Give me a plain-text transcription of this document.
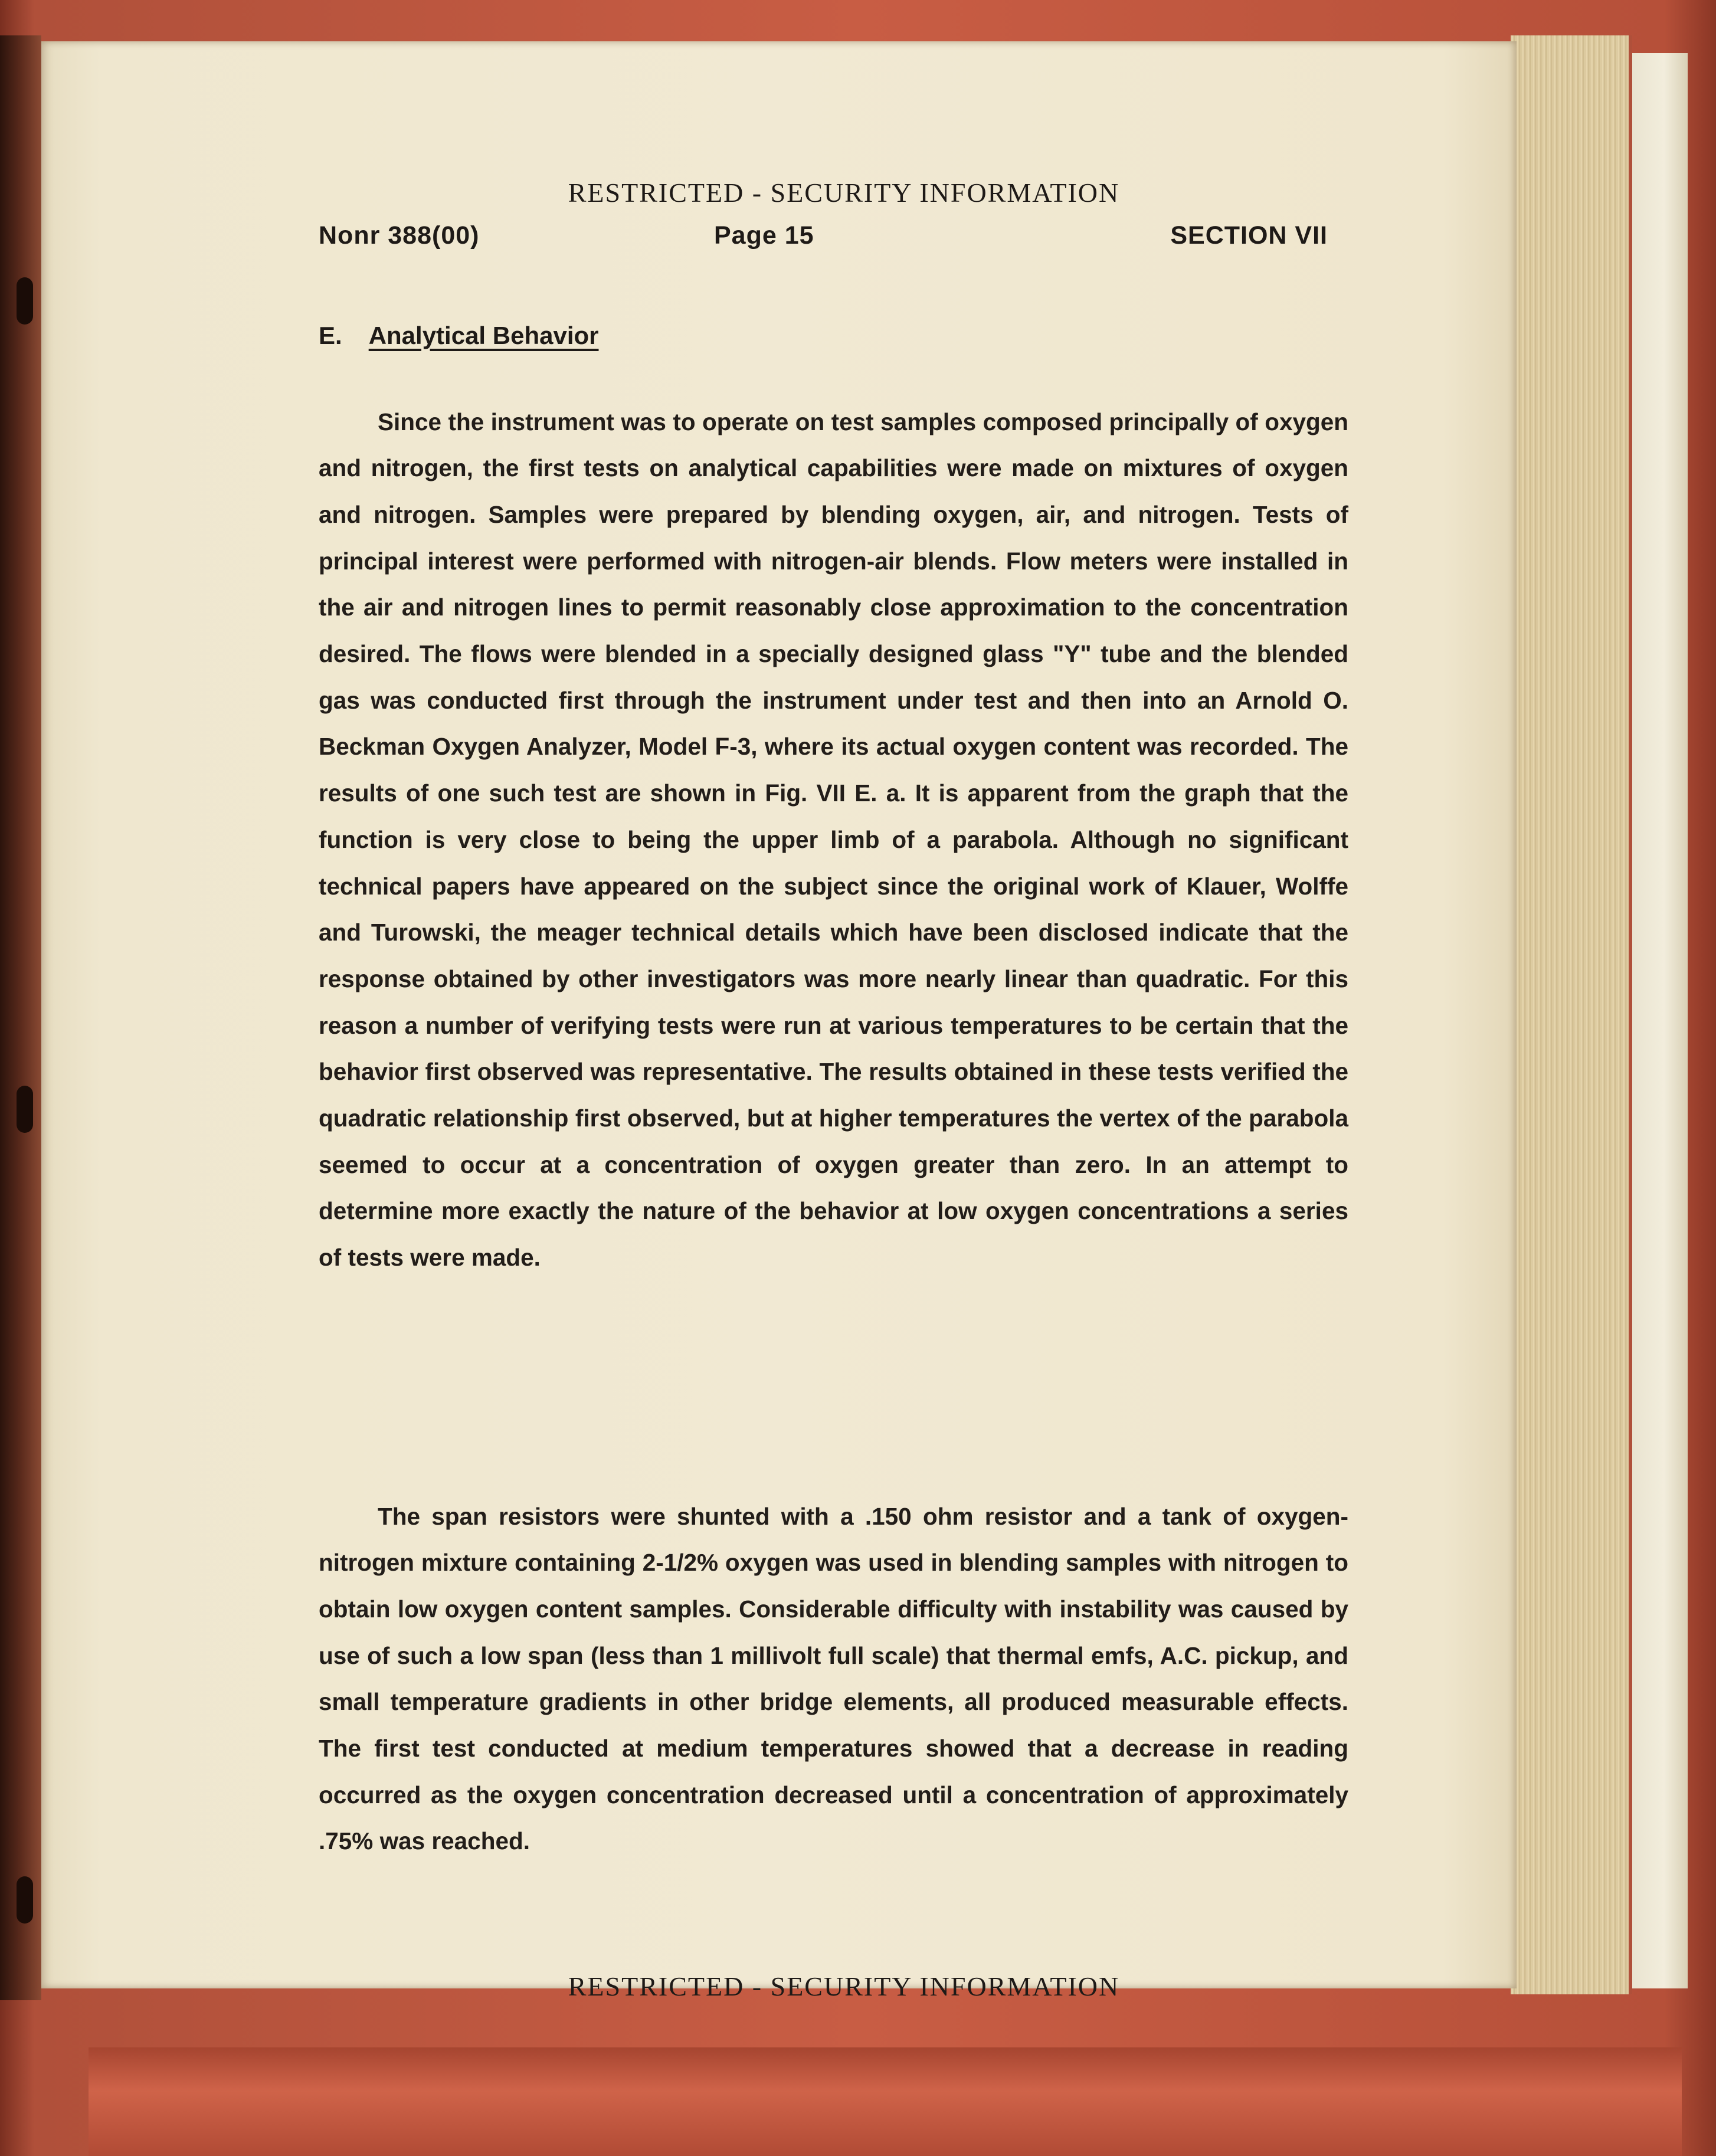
RESTRICTED - SECURITY INFORMATION
Nonr 388(00)	Page 15	SECTION VII
E. Analytical Behavior

Since the instrument was to operate on test samples composed principally of oxygen and nitrogen, the first tests on analytical capabilities were made on mixtures of oxygen and nitrogen. Samples were prepared by blending oxygen, air, and nitrogen. Tests of principal interest were performed with nitrogen-air blends. Flow meters were installed in the air and nitrogen lines to permit reasonably close approximation to the concentration desired. The flows were blended in a specially designed glass "Y" tube and the blended gas was conducted first through the instrument under test and then into an Arnold O. Beckman Oxygen Analyzer, Model F-3, where its actual oxygen content was recorded. The results of one such test are shown in Fig. VII E. a. It is apparent from the graph that the function is very close to being the upper limb of a parabola. Although no significant technical papers have appeared on the subject since the original work of Klauer, Wolffe and Turowski, the meager technical details which have been disclosed indicate that the response obtained by other investigators was more nearly linear than quadratic. For this reason a number of verifying tests were run at various temperatures to be certain that the behavior first observed was representative. The results obtained in these tests verified the quadratic relationship first observed, but at higher temperatures the vertex of the parabola seemed to occur at a concentration of oxygen greater than zero. In an attempt to determine more exactly the nature of the behavior at low oxygen concentrations a series of tests were made.

The span resistors were shunted with a .150 ohm resistor and a tank of oxygen-nitrogen mixture containing 2-1/2% oxygen was used in blending samples with nitrogen to obtain low oxygen content samples. Considerable difficulty with instability was caused by use of such a low span (less than 1 millivolt full scale) that thermal emfs, A.C. pickup, and small temperature gradients in other bridge elements, all produced measurable effects. The first test conducted at medium temperatures showed that a decrease in reading occurred as the oxygen concentration decreased until a concentration of approximately .75% was reached.

RESTRICTED - SECURITY INFORMATION
